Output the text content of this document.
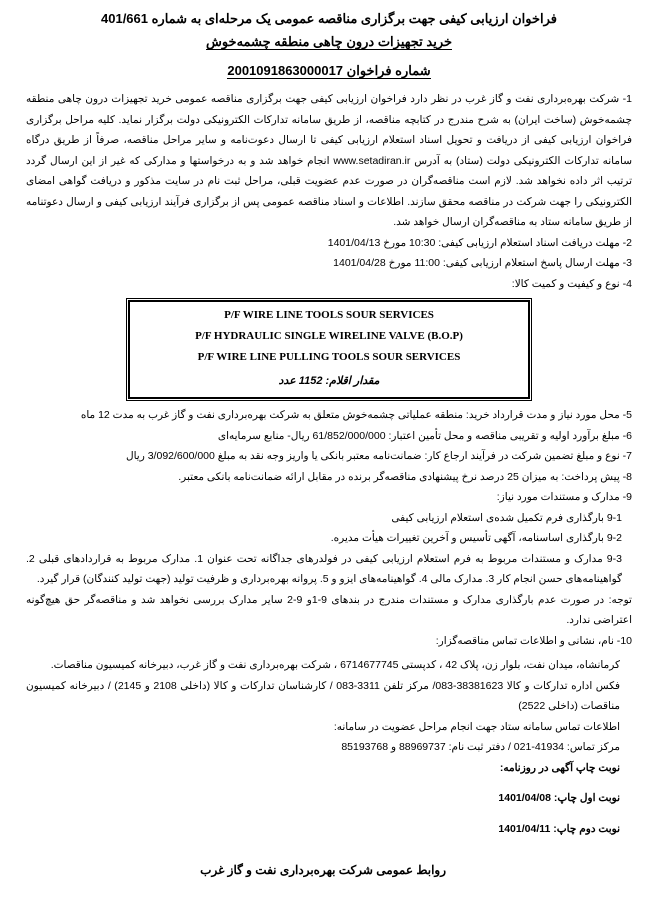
فراخوان ارزیابی کیفی جهت برگزاری مناقصه عمومی یک مرحله‌ای به شماره 401/661
خرید تجهیزات درون چاهی منطقه چشمه‌خوش
شماره فراخوان 2001091863000017
1- شرکت بهره‌برداری نفت و گاز غرب در نظر دارد فراخوان ارزیابی کیفی جهت برگزاری مناقصه عمومی خرید تجهیزات درون چاهی منطقه چشمه‌خوش (ساخت ایران) به شرح مندرج در کتابچه مناقصه، از طریق سامانه تدارکات الکترونیکی دولت برگزار نماید. کلیه مراحل برگزاری فراخوان ارزیابی کیفی از دریافت و تحویل اسناد استعلام ارزیابی کیفی تا ارسال دعوت‌نامه و سایر مراحل مناقصه، صرفاً از طریق درگاه سامانه تدارکات الکترونیکی دولت (ستاد) به آدرس www.setadiran.ir انجام خواهد شد و به درخواستها و مدارکی که غیر از این ارسال گردد ترتیب اثر داده نخواهد شد. لازم است مناقصه‌گران در صورت عدم عضویت قبلی، مراحل ثبت نام در سایت مذکور و دریافت گواهی امضای الکترونیکی را جهت شرکت در مناقصه محقق سازند. اطلاعات و اسناد مناقصه عمومی پس از برگزاری فرآیند ارزیابی کیفی و ارسال دعوتنامه از طریق سامانه ستاد به مناقصه‌گران ارسال خواهد شد.
2- مهلت دریافت اسناد استعلام ارزیابی کیفی: 10:30 مورخ 1401/04/13
3- مهلت ارسال پاسخ استعلام ارزیابی کیفی: 11:00 مورخ 1401/04/28
4- نوع و کیفیت و کمیت کالا:
P/F WIRE LINE TOOLS SOUR SERVICES
P/F HYDRAULIC SINGLE WIRELINE VALVE (B.O.P)
P/F WIRE LINE PULLING TOOLS SOUR SERVICES
مقدار اقلام: 1152 عدد
5- محل مورد نیاز و مدت قرارداد خرید: منطقه عملیاتی چشمه‌خوش متعلق به شرکت بهره‌برداری نفت و گاز غرب به مدت 12 ماه
6- مبلغ برآورد اولیه و تقریبی مناقصه و محل تأمین اعتبار: 61/852/000/000 ریال- منابع سرمایه‌ای
7- نوع و مبلغ تضمین شرکت در فرآیند ارجاع کار: ضمانت‌نامه معتبر بانکی یا واریز وجه نقد به مبلغ 3/092/600/000 ریال
8- پیش پرداخت: به میزان 25 درصد نرخ پیشنهادی مناقصه‌گر برنده در مقابل ارائه ضمانت‌نامه بانکی معتبر.
9- مدارک و مستندات مورد نیاز:
9-1 بارگذاری فرم تکمیل شده‌ی استعلام ارزیابی کیفی
9-2 بارگذاری اساسنامه، آگهی تأسیس و آخرین تغییرات هیأت مدیره.
9-3 مدارک و مستندات مربوط به فرم استعلام ارزیابی کیفی در فولدرهای جداگانه تحت عنوان 1. مدارک مربوط به قراردادهای قبلی 2. گواهینامه‌های حسن انجام کار 3. مدارک مالی 4. گواهینامه‌های ایزو و 5. پروانه بهره‌برداری و ظرفیت تولید (جهت تولید کنندگان) قرار گیرد.
توجه: در صورت عدم بارگذاری مدارک و مستندات مندرج در بندهای 9-1و 9-2 سایر مدارک بررسی نخواهد شد و مناقصه‌گر حق هیچ‌گونه اعتراضی ندارد.
10- نام، نشانی و اطلاعات تماس مناقصه‌گزار:
کرمانشاه، میدان نفت، بلوار زن، پلاک 42 ، کدپستی 6714677745 ، شرکت بهره‌برداری نفت و گاز غرب، دبیرخانه کمیسیون مناقصات.
فکس اداره تدارکات و کالا 38381623-083/ مرکز تلفن 3311-083 / کارشناسان تدارکات و کالا (داخلی 2108 و 2145) / دبیرخانه کمیسیون مناقصات (داخلی 2522)
اطلاعات تماس سامانه ستاد جهت انجام مراحل عضویت در سامانه:
مرکز تماس: 41934-021 / دفتر ثبت نام: 88969737 و 85193768
نوبت چاپ آگهی در روزنامه:
نوبت اول چاپ: 1401/04/08
نوبت دوم چاپ: 1401/04/11
روابط عمومی شرکت بهره‌برداری نفت و گاز غرب
